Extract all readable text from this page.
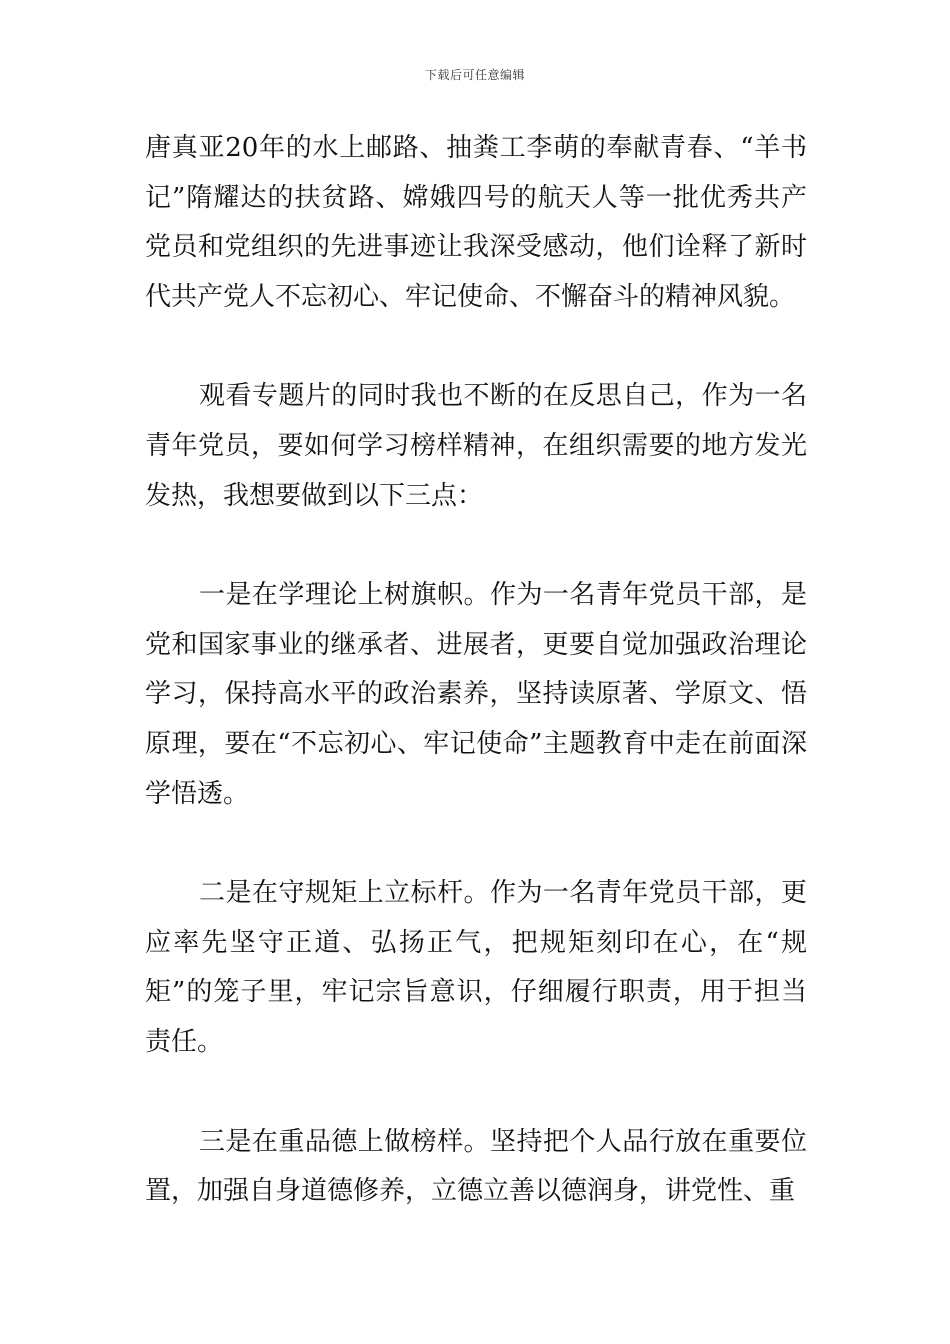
下载后可任意编辑

唐真亚20年的水上邮路、抽粪工李萌的奉献青春、“羊书记”隋耀达的扶贫路、嫦娥四号的航天人等一批优秀共产党员和党组织的先进事迹让我深受感动，他们诠释了新时代共产党人不忘初心、牢记使命、不懈奋斗的精神风貌。

观看专题片的同时我也不断的在反思自己，作为一名青年党员，要如何学习榜样精神，在组织需要的地方发光发热，我想要做到以下三点：

一是在学理论上树旗帜。作为一名青年党员干部，是党和国家事业的继承者、进展者，更要自觉加强政治理论学习，保持高水平的政治素养，坚持读原著、学原文、悟原理，要在“不忘初心、牢记使命”主题教育中走在前面深学悟透。

二是在守规矩上立标杆。作为一名青年党员干部，更应率先坚守正道、弘扬正气，把规矩刻印在心，在“规矩”的笼子里，牢记宗旨意识，仔细履行职责，用于担当责任。

三是在重品德上做榜样。坚持把个人品行放在重要位置，加强自身道德修养，立德立善以德润身，讲党性、重
